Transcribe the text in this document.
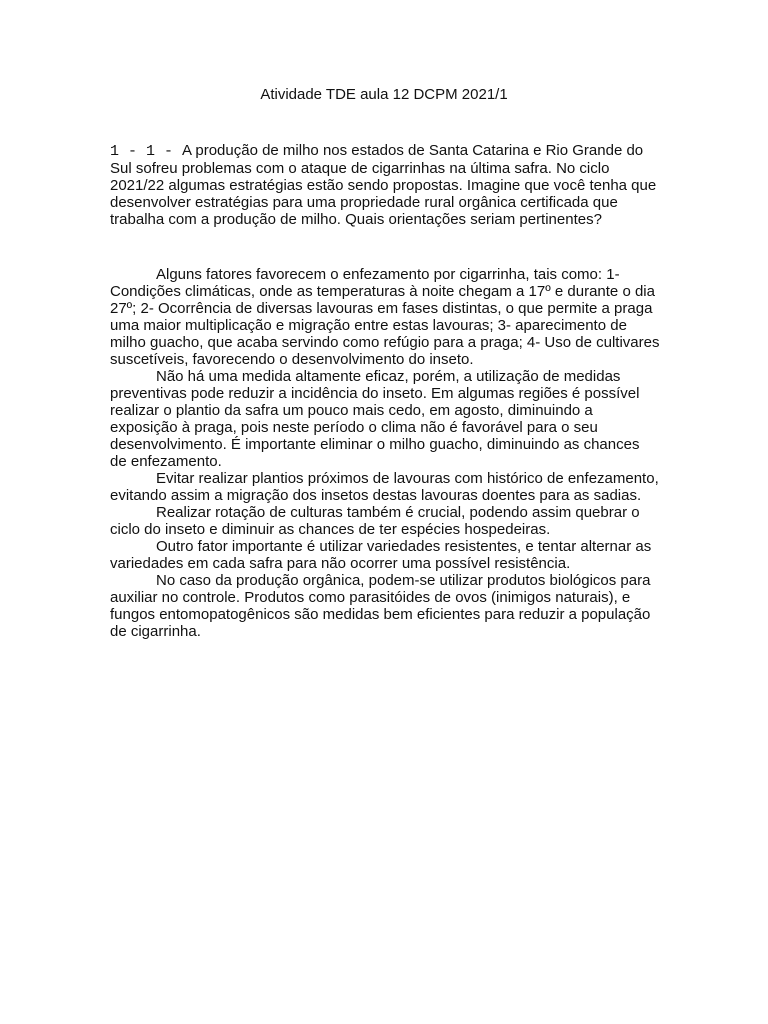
Atividade TDE aula 12 DCPM 2021/1

1 - 1 - A produção de milho nos estados de Santa Catarina e Rio Grande do Sul sofreu problemas com o ataque de cigarrinhas na última safra. No ciclo 2021/22 algumas estratégias estão sendo propostas. Imagine que você tenha que desenvolver estratégias para uma propriedade rural orgânica certificada que trabalha com a produção de milho. Quais orientações seriam pertinentes?

Alguns fatores favorecem o enfezamento por cigarrinha, tais como: 1- Condições climáticas, onde as temperaturas à noite chegam a 17º e durante o dia 27º; 2- Ocorrência de diversas lavouras em fases distintas, o que permite a praga uma maior multiplicação e migração entre estas lavouras; 3- aparecimento de milho guacho, que acaba servindo como refúgio para a praga; 4- Uso de cultivares suscetíveis, favorecendo o desenvolvimento do inseto.

Não há uma medida altamente eficaz, porém, a utilização de medidas preventivas pode reduzir a incidência do inseto. Em algumas regiões é possível realizar o plantio da safra um pouco mais cedo, em agosto, diminuindo a exposição à praga, pois neste período o clima não é favorável para o seu desenvolvimento. É importante eliminar o milho guacho, diminuindo as chances de enfezamento.

Evitar realizar plantios próximos de lavouras com histórico de enfezamento, evitando assim a migração dos insetos destas lavouras doentes para as sadias.

Realizar rotação de culturas também é crucial, podendo assim quebrar o ciclo do inseto e diminuir as chances de ter espécies hospedeiras.

Outro fator importante é utilizar variedades resistentes, e tentar alternar as variedades em cada safra para não ocorrer uma possível resistência.

No caso da produção orgânica, podem-se utilizar produtos biológicos para auxiliar no controle. Produtos como parasitóides de ovos (inimigos naturais), e fungos entomopatogênicos são medidas bem eficientes para reduzir a população de cigarrinha.
